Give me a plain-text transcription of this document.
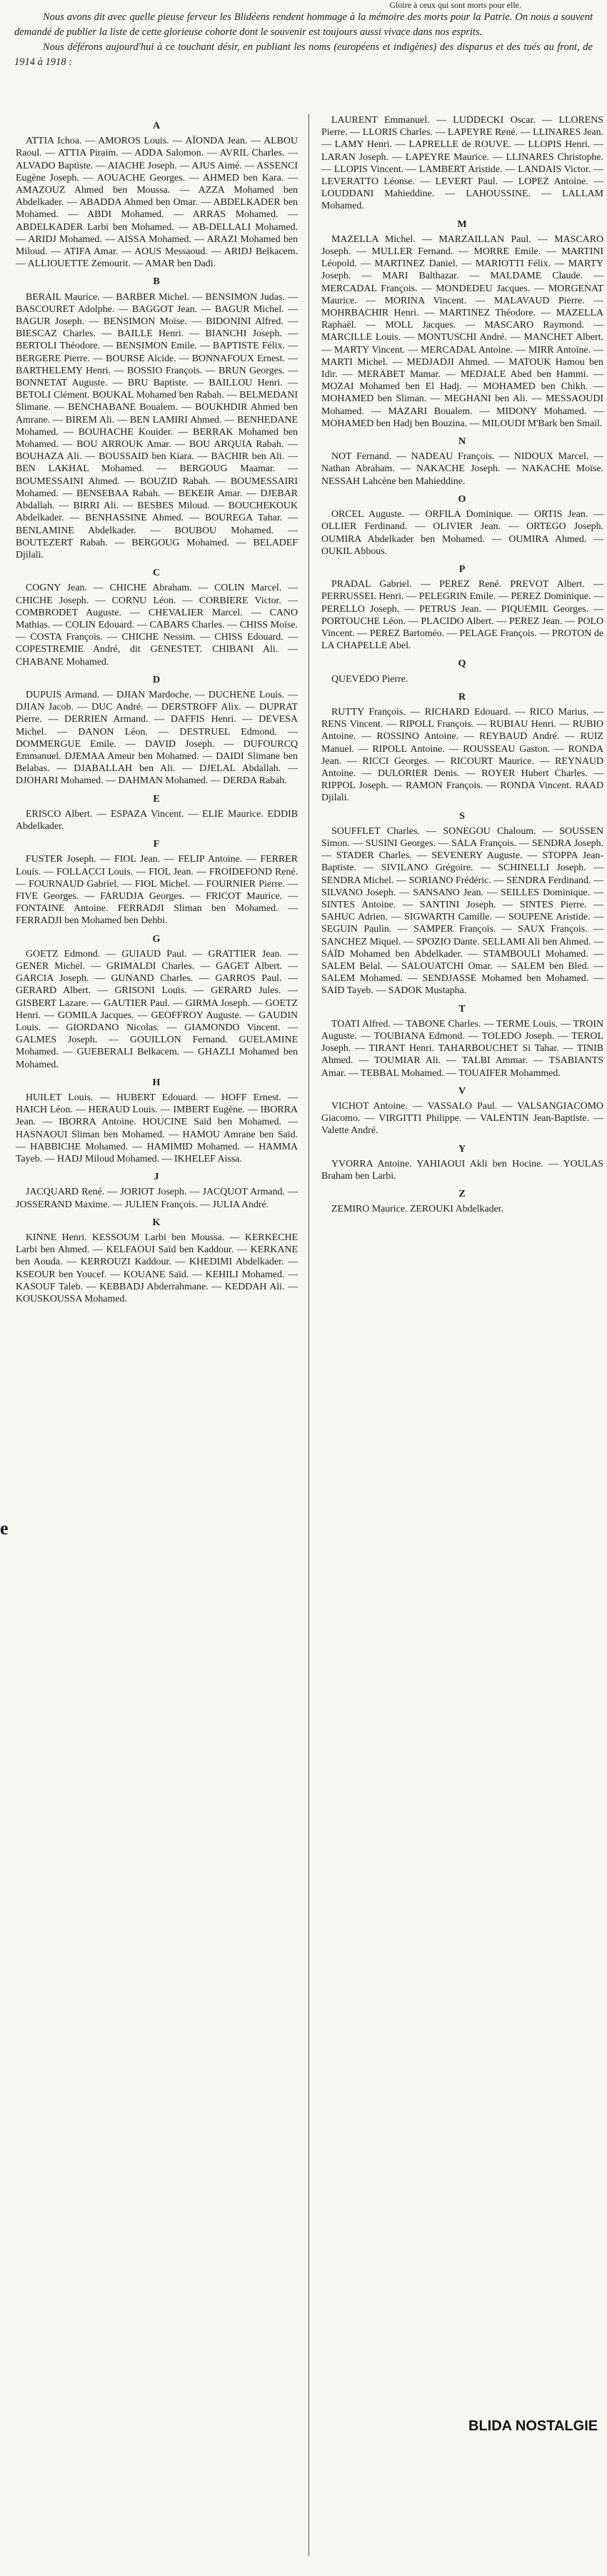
Gloire à ceux qui sont morts pour elle.

Nous avons dit avec quelle pieuse ferveur les Blidéens rendent hommage à la mémoire des morts pour la Patrie. On nous a souvent demandé de publier la liste de cette glorieuse cohorte dont le souvenir est toujours aussi vivace dans nos esprits.

Nous déférons aujourd'hui à ce touchant désir, en publiant les noms (européens et indigènes) des disparus et des tués au front, de 1914 à 1918 :

A

ATTIA Ichoa. — AMOROS Louis. — AÏONDA Jean. — ALBOU Raoul. — ATTIA Piraim. — ADDA Salomon. — AVRIL Charles. — ALVADO Baptiste. — AIACHE Joseph. — AJUS Aimé. — ASSENCI Eugène Joseph. — AOUACHE Georges. — AHMED ben Kara. — AMAZOUZ Ahmed ben Moussa. — AZZA Mohamed ben Abdelkader. — ABADDA Ahmed ben Omar. — ABDELKADER ben Mohamed. — ABDI Mohamed. — ARRAS Mohamed. — ABDELKADER Larbi ben Mohamed. — AB-DELLALI Mohamed. — ARIDJ Mohamed. — AISSA Mohamed. — ARAZI Mohamed ben Miloud. — ATIFA Amar. — AOUS Messaoud. — ARIDJ Belkacem. — ALLIOUETTE Zemourit. — AMAR ben Dadi.

B

BERAIL Maurice. — BARBER Michel. — BENSIMON Judas. — BASCOURET Adolphe. — BAGGOT Jean. — BAGUR Michel. — BAGUR Joseph. — BENSIMON Moïse. — BIDONINI Alfred. — BIESCAZ Charles. — BAILLE Henri. — BIANCHI Joseph. — BERTOLI Théodore. — BENSIMON Emile. — BAPTISTE Félix. — BERGERE Pierre. — BOURSE Alcide. — BONNAFOUX Ernest. — BARTHELEMY Henri. — BOSSIO François. — BRUN Georges. — BONNETAT Auguste. — BRU Baptiste. — BAILLOU Henri. — BETOLI Clément. BOUKAL Mohamed ben Rabah. — BELMEDANI Slimane. — BENCHABANE Boualem. — BOUKHDIR Ahmed ben Amrane. — BIREM Ali. — BEN LAMIRI Ahmed. — BENHEDANE Mohamed. — BOUHACHE Kouider. — BERRAK Mohamed ben Mohamed. — BOU ARROUK Amar. — BOU ARQUIA Rabah. — BOUHAZA Ali. — BOUSSAID ben Kiara. — BACHIR ben Ali. — BEN LAKHAL Mohamed. — BERGOUG Maamar. — BOUMESSAINI Ahmed. — BOUZID Rabah. — BOUMESSAIRI Mohamed. — BENSEBAA Rabah. — BEKEIR Amar. — DJEBAR Abdallah. — BIRRI Ali. — BESBES Miloud. — BOUCHEKOUK Abdelkader. — BENHASSINE Ahmed. — BOUREGA Tahar. — BENLAMINE Abdelkader. — BOUBOU Mohamed. — BOUTEZERT Rabah. — BERGOUG Mohamed. — BELADEF Djilali.

C

COGNY Jean. — CHICHE Abraham. — COLIN Marcel. — CHICHE Joseph. — CORNU Léon. — CORBIERE Victor. — COMBRODET Auguste. — CHEVALIER Marcel. — CANO Mathias. — COLIN Edouard. — CABARS Charles. — CHISS Moïse. — COSTA François. — CHICHE Nessim. — CHISS Edouard. — COPESTREMIE André, dit GENESTET. CHIBANI Ali. — CHABANE Mohamed.

D

DUPUIS Armand. — DJIAN Mardoche. — DUCHENE Louis. — DJIAN Jacob. — DUC André. — DERSTROFF Alix. — DUPRAT Pierre. — DERRIEN Armand. — DAFFIS Henri. — DEVESA Michel. — DANON Léon. — DESTRUEL Edmond. — DOMMERGUE Emile. — DAVID Joseph. — DUFOURCQ Emmanuel. DJEMAA Ameur ben Mohamed. — DAIDI Slimane ben Belabas. — DJABALLAH ben Ali. — DJELAL Abdallah. — DJOHARI Mohamed. — DAHMAN Mohamed. — DERDA Rabah.

E

ERISCO Albert. — ESPAZA Vincent. — ELIE Maurice. EDDIB Abdelkader.

F

FUSTER Joseph. — FIOL Jean. — FELIP Antoine. — FERRER Louis. — FOLLACCI Louis. — FIOL Jean. — FROIDEFOND René. — FOURNAUD Gabriel. — FIOL Michel. — FOURNIER Pierre. — FIVE Georges. — FARUDJA Georges. — FRICOT Maurice. — FONTAINE Antoine. FERRADJI Sliman ben Mohamed. — FERRADJI ben Mohamed ben Dehbi.

G

GOETZ Edmond. — GUIAUD Paul. — GRATTIER Jean. — GENER Michel. — GRIMALDI Charles. — GAGET Albert. — GARCIA Joseph. — GUNAND Charles. — GARROS Paul. — GERARD Albert. — GRISONI Louis. — GERARD Jules. — GISBERT Lazare. — GAUTIER Paul. — GIRMA Joseph. — GOETZ Henri. — GOMILA Jacques. — GEOFFROY Auguste. — GAUDIN Louis. — GIORDANO Nicolas. — GIAMONDO Vincent. — GALMES Joseph. — GOUILLON Fernand. GUELAMINE Mohamed. — GUEBERALI Belkacem. — GHAZLI Mohamed ben Mohamed.

H

HUILET Louis. — HUBERT Edouard. — HOFF Ernest. — HAICH Léon. — HERAUD Louis. — IMBERT Eugène. — IBORRA Jean. — IBORRA Antoine. HOUCINE Saïd ben Mohamed. — HASNAOUI Sliman ben Mohamed. — HAMOU Amrane ben Saïd. — HABBICHE Mohamed. — HAMIMID Mohamed. — HAMMA Tayeb. — HADJ Miloud Mohamed. — IKHELEF Aissa.

J

JACQUARD René. — JORIOT Joseph. — JACQUOT Armand. — JOSSERAND Maxime. — JULIEN François. — JULIA André.

K

KINNE Henri. KESSOUM Larbi ben Moussa. — KERKECHE Larbi ben Ahmed. — KELFAOUI Saïd ben Kaddour. — KERKANE ben Aouda. — KERROUZI Kaddour. — KHEDIMI Abdelkader. — KSEOUR ben Youcef. — KOUANE Saïd. — KEHILI Mohamed. — KASOUF Taleb. — KEBBADJ Abderrahmane. — KEDDAH Ali. — KOUSKOUSSA Mohamed.

LAURENT Emmanuel. — LUDDECKI Oscar. — LLORENS Pierre. — LLORIS Charles. — LAPEYRE René. — LLINARES Jean. — LAMY Henri. — LAPRELLE de ROUVE. — LLOPIS Henri. — LARAN Joseph. — LAPEYRE Maurice. — LLINARES Christophe. — LLOPIS Vincent. — LAMBERT Aristide. — LANDAIS Victor. — LEVERATTO Léonse. — LEVERT Paul. — LOPEZ Antoine. — LOUDDANI Mahieddine. — LAHOUSSINE. — LALLAM Mohamed.

M

MAZELLA Michel. — MARZAILLAN Paul. — MASCARO Joseph. — MULLER Fernand. — MORRE Emile. — MARTINI Léopold. — MARTINEZ Daniel. — MARIOTTI Félix. — MARTY Joseph. — MARI Balthazar. — MALDAME Claude. — MERCADAL François. — MONDEDEU Jacques. — MORGENAT Maurice. — MORINA Vincent. — MALAVAUD Pierre. — MOHRBACHIR Henri. — MARTINEZ Théodore. — MAZELLA Raphaël. — MOLL Jacques. — MASCARO Raymond. — MARCILLE Louis. — MONTUSCHI André. — MANCHET Albert. — MARTY Vincent. — MERCADAL Antoine. — MIRR Antoine. — MARTI Michel. — MEDJADJI Ahmed. — MATOUK Hamou ben Idir. — MERABET Mamar. — MEDJALE Abed ben Hammi. — MOZAI Mohamed ben El Hadj. — MOHAMED ben Chikh. — MOHAMED ben Sliman. — MEGHANI ben Ali. — MESSAOUDI Mohamed. — MAZARI Boualem. — MIDONY Mohamed. — MOHAMED ben Hadj ben Bouzina. — MILOUDI M'Bark ben Smail.

N

NOT Fernand. — NADEAU François. — NIDOUX Marcel. — Nathan Abraham. — NAKACHE Joseph. — NAKACHE Moïse. NESSAH Lahcène ben Mahieddine.

O

ORCEL Auguste. — ORFILA Dominique. — ORTIS Jean. — OLLIER Ferdinand. — OLIVIER Jean. — ORTEGO Joseph. OUMIRA Abdelkader ben Mohamed. — OUMIRA Ahmed. — OUKIL Abbous.

P

PRADAL Gabriel. — PEREZ René. PREVOT Albert. — PERRUSSEL Henri. — PELEGRIN Emile. — PEREZ Dominique. — PERELLO Joseph. — PETRUS Jean. — PIQUEMIL Georges. — PORTOUCHE Léon. — PLACIDO Albert. — PEREZ Jean. — POLO Vincent. — PEREZ Bartoméo. — PELAGE François. — PROTON de LA CHAPELLE Abel.

Q

QUEVEDO Pierre.

R

RUTTY François. — RICHARD Edouard. — RICO Marius. — RENS Vincent. — RIPOLL François. — RUBIAU Henri. — RUBIO Antoine. — ROSSINO Antoine. — REYBAUD André. — RUIZ Manuel. — RIPOLL Antoine. — ROUSSEAU Gaston. — RONDA Jean. — RICCI Georges. — RICOURT Maurice. — REYNAUD Antoine. — DULORIER Denis. — ROYER Hubert Charles. — RIPPOL Joseph. — RAMON François. — RONDA Vincent. RAAD Djilali.

S

SOUFFLET Charles. — SONEGOU Chaloum. — SOUSSEN Simon. — SUSINI Georges. — SALA François. — SENDRA Joseph. — STADER Charles. — SEVENERY Auguste. — STOPPA Jean-Baptiste. — SIVILANO Grégoire. — SCHINELLI Joseph. — SENDRA Michel. — SORIANO Frédéric. — SENDRA Ferdinand. — SILVANO Joseph. — SANSANO Jean. — SEILLES Dominique. — SINTES Antoine. — SANTINI Joseph. — SINTES Pierre. — SAHUC Adrien. — SIGWARTH Camille. — SOUPENE Aristide. — SEGUIN Paulin. — SAMPER François. — SAUX François. — SANCHEZ Miquel. — SPOZIO Dante. SELLAMI Ali ben Ahmed. — SAÏD Mohamed ben Abdelkader. — STAMBOULI Mohamed. — SALEM Belal. — SALOUATCHI Omar. — SALEM ben Bled. — SALEM Mohamed. — SENDJASSE Mohamed ben Mohamed. — SAID Tayeb. — SADOK Mustapha.

T

TOATI Alfred. — TABONE Charles. — TERME Louis. — TROIN Auguste. — TOUBIANA Edmond. — TOLEDO Joseph. — TEROL Joseph. — TIRANT Henri. TAHARBOUCHET Si Tahar. — TINIB Ahmed. — TOUMIAR Ali. — TALBI Ammar. — TSABIANTS Amar. — TEBBAL Mohamed. — TOUAIFER Mohammed.

V

VICHOT Antoine. — VASSALO Paul. — VALSANGIACOMO Giacomo. — VIRGITTI Philippe. — VALENTIN Jean-Baptiste. — Valette André.

Y

YVORRA Antoine. YAHIAOUI Akli ben Hocine. — YOULAS Braham ben Larbi.

Z

ZEMIRO Maurice. ZEROUKI Abdelkader.

e
BLIDA NOSTALGIE
